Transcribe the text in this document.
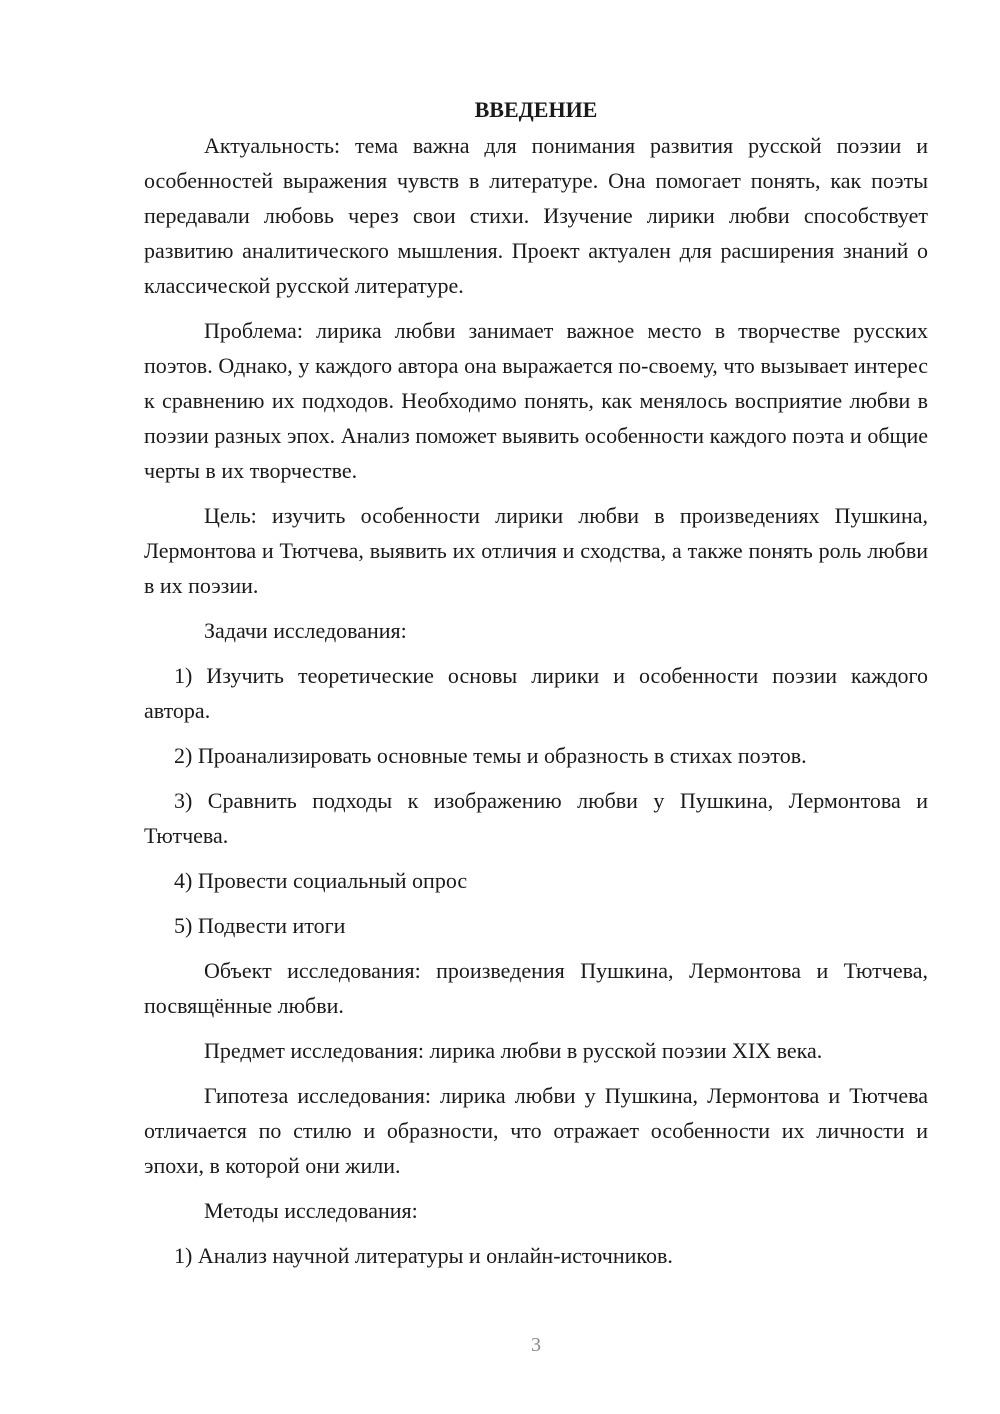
ВВЕДЕНИЕ

Актуальность: тема важна для понимания развития русской поэзии и особенностей выражения чувств в литературе. Она помогает понять, как поэты передавали любовь через свои стихи. Изучение лирики любви способствует развитию аналитического мышления. Проект актуален для расширения знаний о классической русской литературе.

Проблема: лирика любви занимает важное место в творчестве русских поэтов. Однако, у каждого автора она выражается по-своему, что вызывает интерес к сравнению их подходов. Необходимо понять, как менялось восприятие любви в поэзии разных эпох. Анализ поможет выявить особенности каждого поэта и общие черты в их творчестве.

Цель: изучить особенности лирики любви в произведениях Пушкина, Лермонтова и Тютчева, выявить их отличия и сходства, а также понять роль любви в их поэзии.

Задачи исследования:

1) Изучить теоретические основы лирики и особенности поэзии каждого автора.

2) Проанализировать основные темы и образность в стихах поэтов.

3) Сравнить подходы к изображению любви у Пушкина, Лермонтова и Тютчева.

4) Провести социальный опрос

5) Подвести итоги

Объект исследования: произведения Пушкина, Лермонтова и Тютчева, посвящённые любви.

Предмет исследования: лирика любви в русской поэзии XIX века.

Гипотеза исследования: лирика любви у Пушкина, Лермонтова и Тютчева отличается по стилю и образности, что отражает особенности их личности и эпохи, в которой они жили.

Методы исследования:

1) Анализ научной литературы и онлайн-источников.

3
